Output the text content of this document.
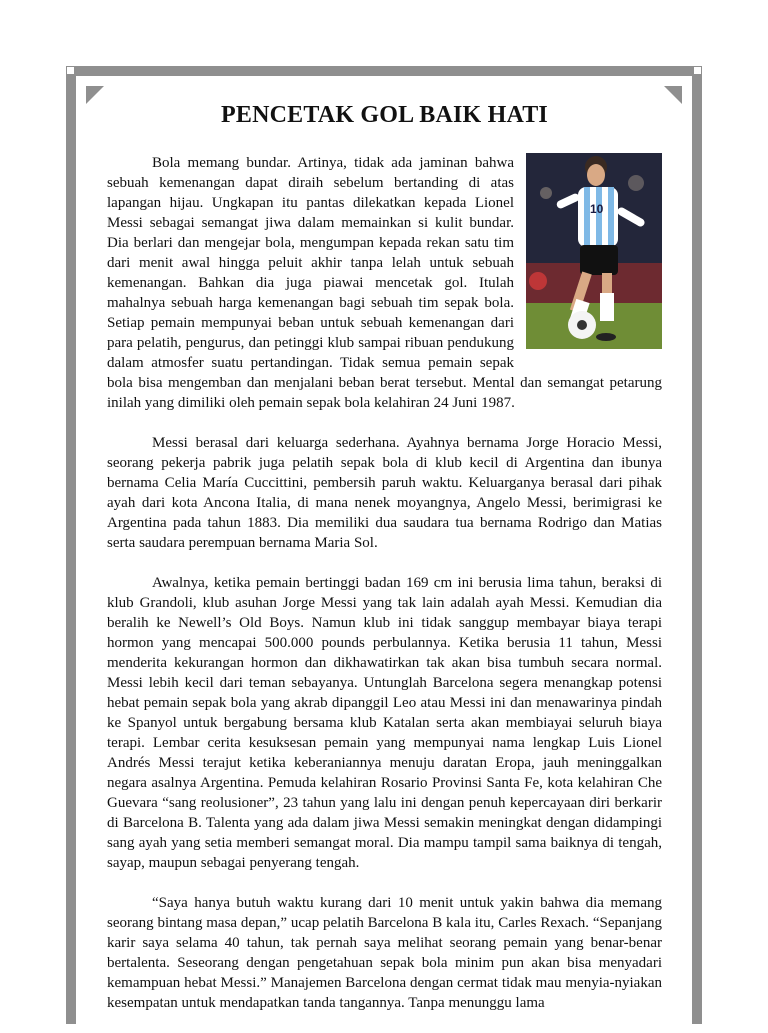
PENCETAK GOL BAIK HATI
10

Bola memang bundar. Artinya, tidak ada jaminan bahwa sebuah kemenangan dapat diraih sebelum bertanding di atas lapangan hijau. Ungkapan itu pantas dilekatkan kepada Lionel Messi sebagai semangat jiwa dalam memainkan si kulit bundar. Dia berlari dan mengejar bola, mengumpan kepada rekan satu tim dari menit awal hingga peluit akhir tanpa lelah untuk sebuah kemenangan. Bahkan dia juga piawai mencetak gol. Itulah mahalnya sebuah harga kemenangan bagi sebuah tim sepak bola. Setiap pemain mempunyai beban untuk sebuah kemenangan dari para pelatih, pengurus, dan petinggi klub sampai ribuan pendukung dalam atmosfer suatu pertandingan. Tidak semua pemain sepak bola bisa mengemban dan menjalani beban berat tersebut. Mental dan semangat petarung inilah yang dimiliki oleh pemain sepak bola kelahiran 24 Juni 1987.

Messi berasal dari keluarga sederhana. Ayahnya bernama Jorge Horacio Messi, seorang pekerja pabrik juga pelatih sepak bola di klub kecil di Argentina dan ibunya bernama Celia María Cuccittini, pembersih paruh waktu. Keluarganya berasal dari pihak ayah dari kota Ancona Italia, di mana nenek moyangnya, Angelo Messi, berimigrasi ke Argentina pada tahun 1883. Dia memiliki dua saudara tua bernama Rodrigo dan Matias serta saudara perempuan bernama Maria Sol.

Awalnya, ketika pemain bertinggi badan 169 cm ini berusia lima tahun, beraksi di klub Grandoli, klub asuhan Jorge Messi yang tak lain adalah ayah Messi. Kemudian dia beralih ke Newell’s Old Boys. Namun klub ini tidak sanggup membayar biaya terapi hormon yang mencapai 500.000 pounds perbulannya. Ketika berusia 11 tahun, Messi menderita kekurangan hormon dan dikhawatirkan tak akan bisa tumbuh secara normal. Messi lebih kecil dari teman sebayanya. Untunglah Barcelona segera menangkap potensi hebat pemain sepak bola yang akrab dipanggil Leo atau Messi ini dan menawarinya pindah ke Spanyol untuk bergabung bersama klub Katalan serta akan membiayai seluruh biaya terapi. Lembar cerita kesuksesan pemain yang mempunyai nama lengkap Luis Lionel Andrés Messi terajut ketika keberaniannya menuju daratan Eropa, jauh meninggalkan negara asalnya Argentina. Pemuda kelahiran Rosario Provinsi Santa Fe, kota kelahiran Che Guevara “sang reolusioner”, 23 tahun yang lalu ini dengan penuh kepercayaan diri berkarir di Barcelona B. Talenta yang ada dalam jiwa Messi semakin meningkat dengan didampingi sang ayah yang setia memberi semangat moral. Dia mampu tampil sama baiknya di tengah, sayap, maupun sebagai penyerang tengah.

“Saya hanya butuh waktu kurang dari 10 menit untuk yakin bahwa dia memang seorang bintang masa depan,” ucap pelatih Barcelona B kala itu, Carles Rexach. “Sepanjang karir saya selama 40 tahun, tak pernah saya melihat seorang pemain yang benar-benar bertalenta. Seseorang dengan pengetahuan sepak bola minim pun akan bisa menyadari kemampuan hebat Messi.” Manajemen Barcelona dengan cermat tidak mau menyia-nyiakan kesempatan untuk mendapatkan tanda tangannya. Tanpa menunggu lama
